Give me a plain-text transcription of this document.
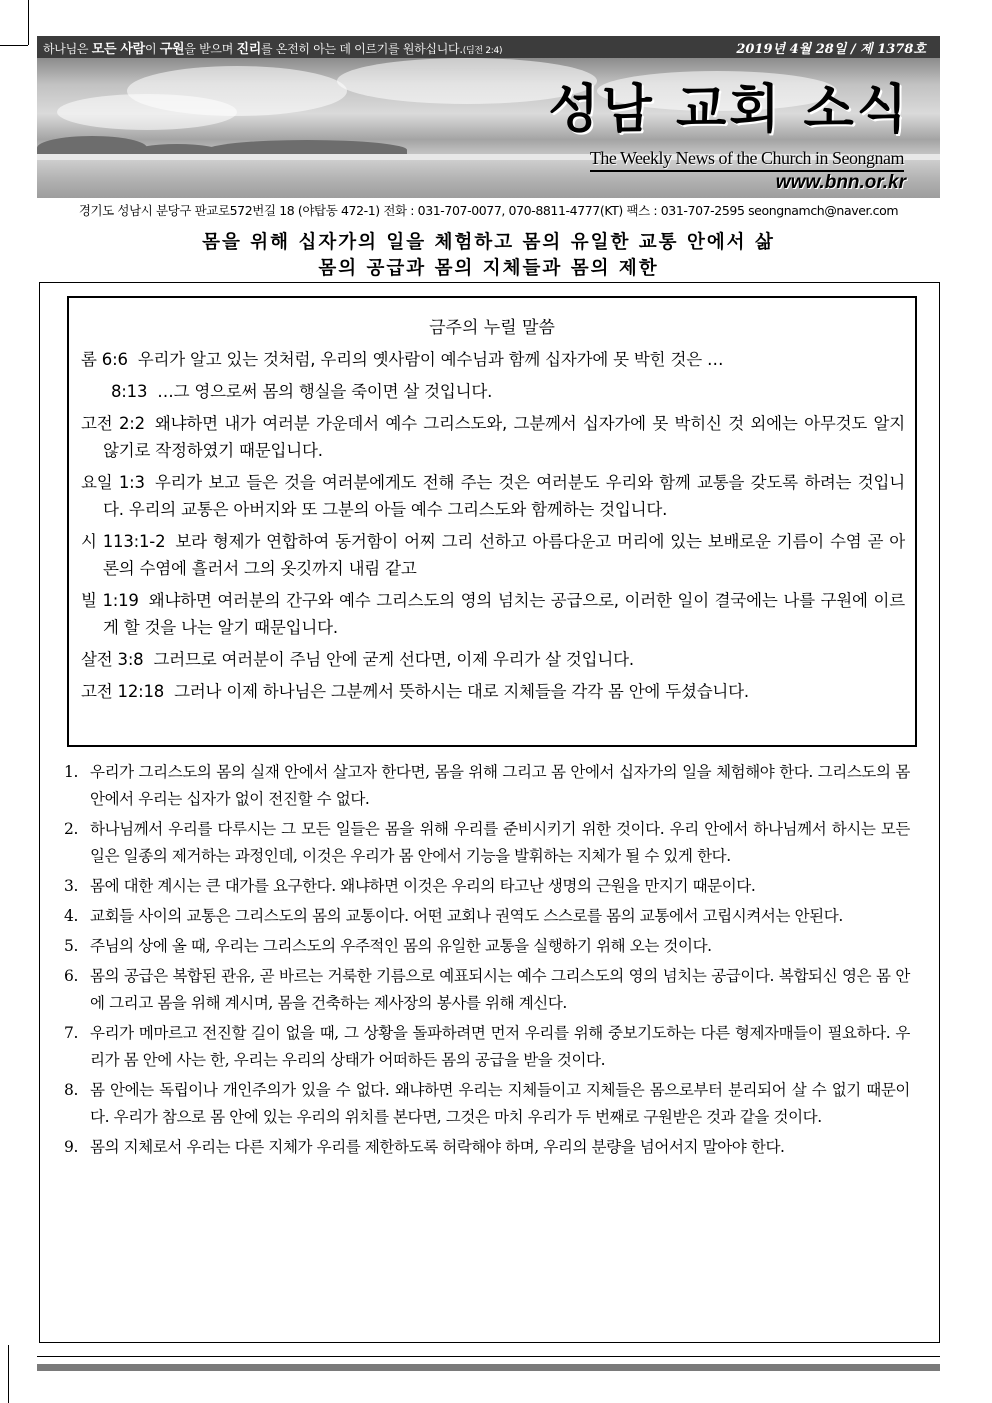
하나님은 모든 사람이 구원을 받으며 진리를 온전히 아는 데 이르기를 원하십니다.(딤전 2:4)	2019년 4월 28일 / 제 1378호
성남 교회 소식
The Weekly News of the Church in Seongnam
www.bnn.or.kr
경기도 성남시 분당구 판교로572번길 18 (야탑동 472-1) 전화 : 031-707-0077, 070-8811-4777(KT) 팩스 : 031-707-2595 seongnamch@naver.com
몸을 위해 십자가의 일을 체험하고 몸의 유일한 교통 안에서 삶
몸의 공급과 몸의 지체들과 몸의 제한
금주의 누릴 말씀
롬 6:6 우리가 알고 있는 것처럼, 우리의 옛사람이 예수님과 함께 십자가에 못 박힌 것은 …
8:13 …그 영으로써 몸의 행실을 죽이면 살 것입니다.
고전 2:2 왜냐하면 내가 여러분 가운데서 예수 그리스도와, 그분께서 십자가에 못 박히신 것 외에는 아무것도 알지 않기로 작정하였기 때문입니다.
요일 1:3 우리가 보고 들은 것을 여러분에게도 전해 주는 것은 여러분도 우리와 함께 교통을 갖도록 하려는 것입니다. 우리의 교통은 아버지와 또 그분의 아들 예수 그리스도와 함께하는 것입니다.
시 113:1-2 보라 형제가 연합하여 동거함이 어찌 그리 선하고 아름다운고 머리에 있는 보배로운 기름이 수염 곧 아론의 수염에 흘러서 그의 옷깃까지 내림 같고
빌 1:19 왜냐하면 여러분의 간구와 예수 그리스도의 영의 넘치는 공급으로, 이러한 일이 결국에는 나를 구원에 이르게 할 것을 나는 알기 때문입니다.
살전 3:8 그러므로 여러분이 주님 안에 굳게 선다면, 이제 우리가 살 것입니다.
고전 12:18 그러나 이제 하나님은 그분께서 뜻하시는 대로 지체들을 각각 몸 안에 두셨습니다.
1. 우리가 그리스도의 몸의 실재 안에서 살고자 한다면, 몸을 위해 그리고 몸 안에서 십자가의 일을 체험해야 한다. 그리스도의 몸 안에서 우리는 십자가 없이 전진할 수 없다.
2. 하나님께서 우리를 다루시는 그 모든 일들은 몸을 위해 우리를 준비시키기 위한 것이다. 우리 안에서 하나님께서 하시는 모든 일은 일종의 제거하는 과정인데, 이것은 우리가 몸 안에서 기능을 발휘하는 지체가 될 수 있게 한다.
3. 몸에 대한 계시는 큰 대가를 요구한다. 왜냐하면 이것은 우리의 타고난 생명의 근원을 만지기 때문이다.
4. 교회들 사이의 교통은 그리스도의 몸의 교통이다. 어떤 교회나 권역도 스스로를 몸의 교통에서 고립시켜서는 안된다.
5. 주님의 상에 올 때, 우리는 그리스도의 우주적인 몸의 유일한 교통을 실행하기 위해 오는 것이다.
6. 몸의 공급은 복합된 관유, 곧 바르는 거룩한 기름으로 예표되시는 예수 그리스도의 영의 넘치는 공급이다. 복합되신 영은 몸 안에 그리고 몸을 위해 계시며, 몸을 건축하는 제사장의 봉사를 위해 계신다.
7. 우리가 메마르고 전진할 길이 없을 때, 그 상황을 돌파하려면 먼저 우리를 위해 중보기도하는 다른 형제자매들이 필요하다. 우리가 몸 안에 사는 한, 우리는 우리의 상태가 어떠하든 몸의 공급을 받을 것이다.
8. 몸 안에는 독립이나 개인주의가 있을 수 없다. 왜냐하면 우리는 지체들이고 지체들은 몸으로부터 분리되어 살 수 없기 때문이다. 우리가 참으로 몸 안에 있는 우리의 위치를 본다면, 그것은 마치 우리가 두 번째로 구원받은 것과 같을 것이다.
9. 몸의 지체로서 우리는 다른 지체가 우리를 제한하도록 허락해야 하며, 우리의 분량을 넘어서지 말아야 한다.
